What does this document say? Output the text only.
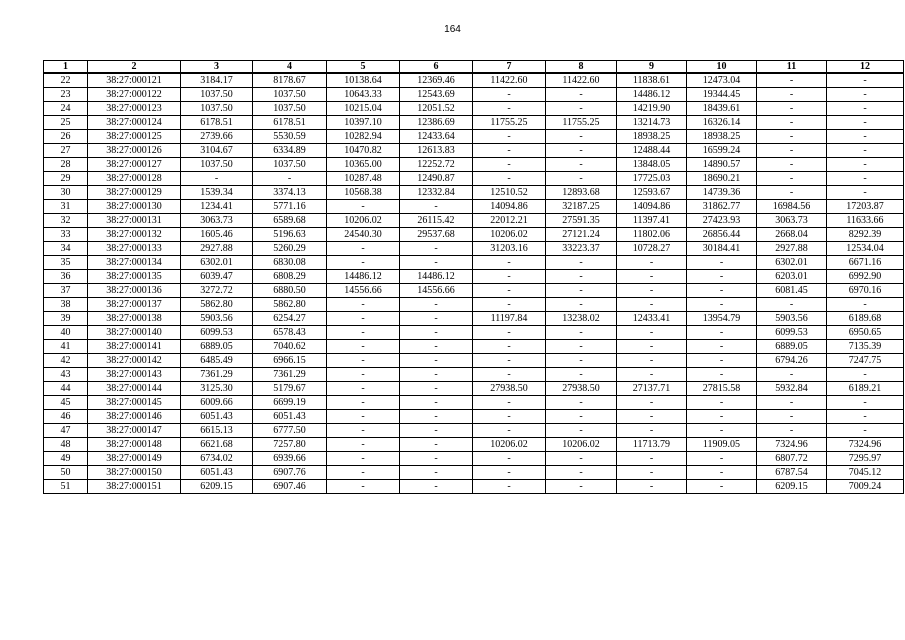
164
1	2	3	4	5	6	7	8	9	10	11	12
22	38:27:000121	3184.17	8178.67	10138.64	12369.46	11422.60	11422.60	11838.61	12473.04	-	-
23	38:27:000122	1037.50	1037.50	10643.33	12543.69	-	-	14486.12	19344.45	-	-
24	38:27:000123	1037.50	1037.50	10215.04	12051.52	-	-	14219.90	18439.61	-	-
25	38:27:000124	6178.51	6178.51	10397.10	12386.69	11755.25	11755.25	13214.73	16326.14	-	-
26	38:27:000125	2739.66	5530.59	10282.94	12433.64	-	-	18938.25	18938.25	-	-
27	38:27:000126	3104.67	6334.89	10470.82	12613.83	-	-	12488.44	16599.24	-	-
28	38:27:000127	1037.50	1037.50	10365.00	12252.72	-	-	13848.05	14890.57	-	-
29	38:27:000128	-	-	10287.48	12490.87	-	-	17725.03	18690.21	-	-
30	38:27:000129	1539.34	3374.13	10568.38	12332.84	12510.52	12893.68	12593.67	14739.36	-	-
31	38:27:000130	1234.41	5771.16	-	-	14094.86	32187.25	14094.86	31862.77	16984.56	17203.87
32	38:27:000131	3063.73	6589.68	10206.02	26115.42	22012.21	27591.35	11397.41	27423.93	3063.73	11633.66
33	38:27:000132	1605.46	5196.63	24540.30	29537.68	10206.02	27121.24	11802.06	26856.44	2668.04	8292.39
34	38:27:000133	2927.88	5260.29	-	-	31203.16	33223.37	10728.27	30184.41	2927.88	12534.04
35	38:27:000134	6302.01	6830.08	-	-	-	-	-	-	6302.01	6671.16
36	38:27:000135	6039.47	6808.29	14486.12	14486.12	-	-	-	-	6203.01	6992.90
37	38:27:000136	3272.72	6880.50	14556.66	14556.66	-	-	-	-	6081.45	6970.16
38	38:27:000137	5862.80	5862.80	-	-	-	-	-	-	-	-
39	38:27:000138	5903.56	6254.27	-	-	11197.84	13238.02	12433.41	13954.79	5903.56	6189.68
40	38:27:000140	6099.53	6578.43	-	-	-	-	-	-	6099.53	6950.65
41	38:27:000141	6889.05	7040.62	-	-	-	-	-	-	6889.05	7135.39
42	38:27:000142	6485.49	6966.15	-	-	-	-	-	-	6794.26	7247.75
43	38:27:000143	7361.29	7361.29	-	-	-	-	-	-	-	-
44	38:27:000144	3125.30	5179.67	-	-	27938.50	27938.50	27137.71	27815.58	5932.84	6189.21
45	38:27:000145	6009.66	6699.19	-	-	-	-	-	-	-	-
46	38:27:000146	6051.43	6051.43	-	-	-	-	-	-	-	-
47	38:27:000147	6615.13	6777.50	-	-	-	-	-	-	-	-
48	38:27:000148	6621.68	7257.80	-	-	10206.02	10206.02	11713.79	11909.05	7324.96	7324.96
49	38:27:000149	6734.02	6939.66	-	-	-	-	-	-	6807.72	7295.97
50	38:27:000150	6051.43	6907.76	-	-	-	-	-	-	6787.54	7045.12
51	38:27:000151	6209.15	6907.46	-	-	-	-	-	-	6209.15	7009.24
